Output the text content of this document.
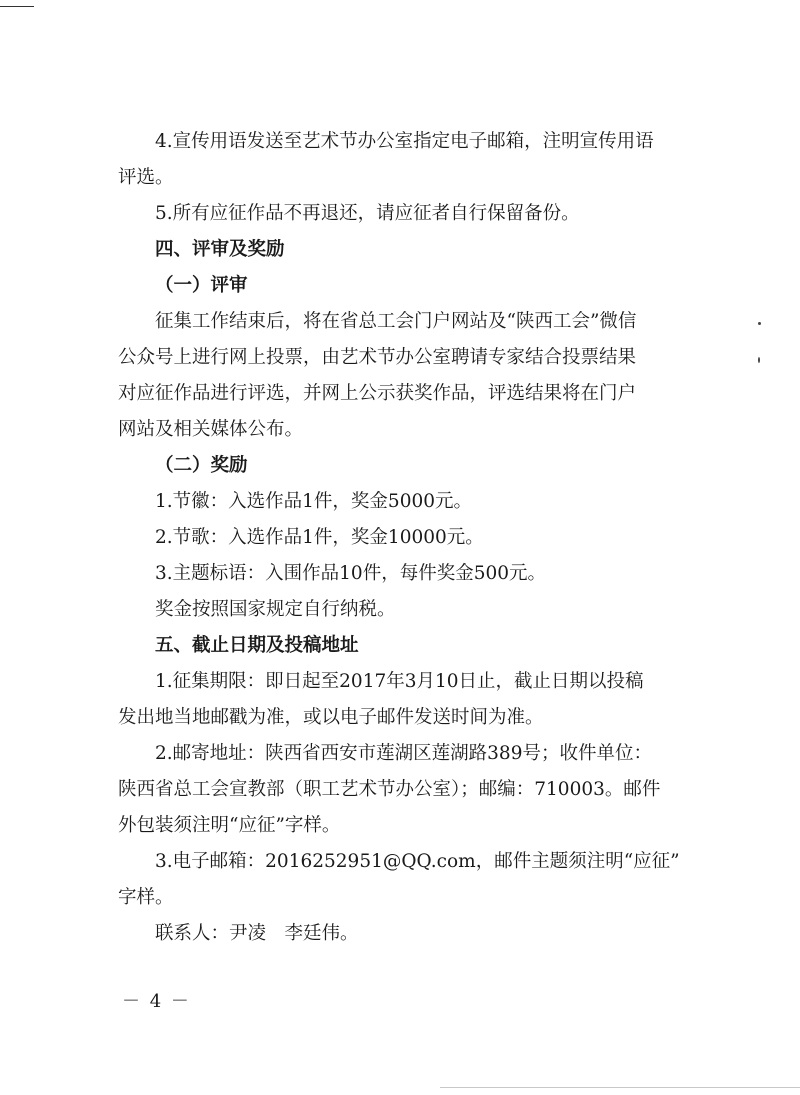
4.宣传用语发送至艺术节办公室指定电子邮箱，注明宣传用语
评选。
5.所有应征作品不再退还，请应征者自行保留备份。
四、评审及奖励
（一）评审
征集工作结束后，将在省总工会门户网站及“陕西工会”微信
公众号上进行网上投票，由艺术节办公室聘请专家结合投票结果
对应征作品进行评选，并网上公示获奖作品，评选结果将在门户
网站及相关媒体公布。
（二）奖励
1.节徽：入选作品1件，奖金5000元。
2.节歌：入选作品1件，奖金10000元。
3.主题标语：入围作品10件，每件奖金500元。
奖金按照国家规定自行纳税。
五、截止日期及投稿地址
1.征集期限：即日起至2017年3月10日止，截止日期以投稿
发出地当地邮戳为准，或以电子邮件发送时间为准。
2.邮寄地址：陕西省西安市莲湖区莲湖路389号；收件单位：
陕西省总工会宣教部（职工艺术节办公室）；邮编：710003。邮件
外包装须注明“应征”字样。
3.电子邮箱：2016252951@QQ.com，邮件主题须注明“应征”
字样。
联系人：尹凌　李廷伟。
－ 4 －
